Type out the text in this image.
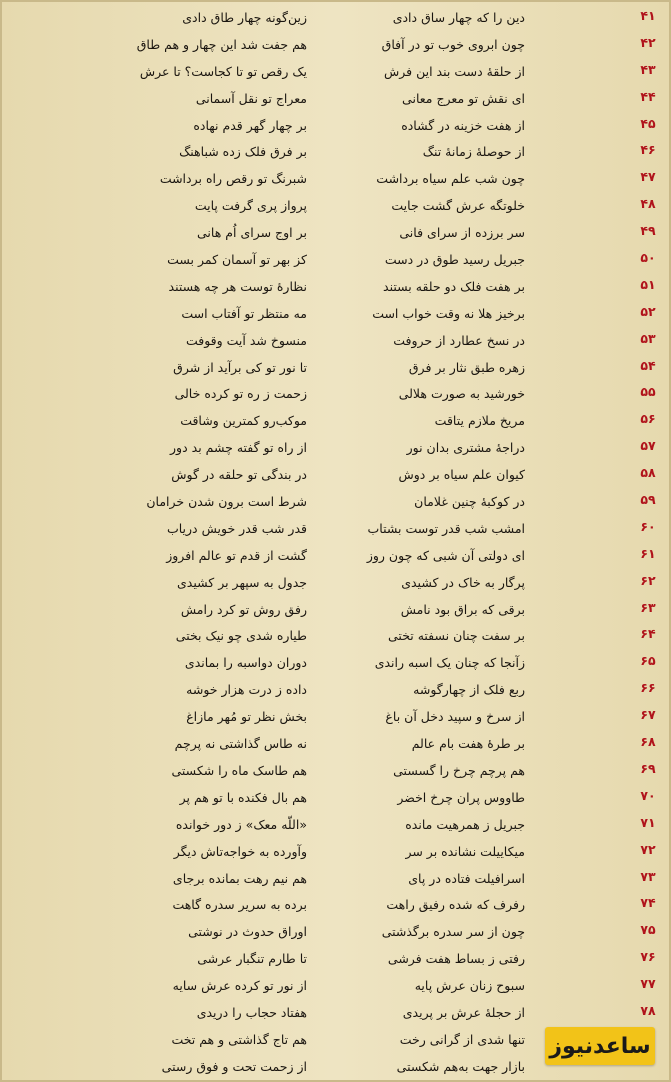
۴۱
دین را که چهار ساق دادی
زین‌گونه چهار طاق دادی
۴۲
چون ابروی خوب تو در آفاق
هم جفت شد این چهار و هم طاق
۴۳
از حلقهٔ دست بند این فرش
یک رقص تو تا کجاست؟ تا عرش
۴۴
ای نقش تو معرج معانی
معراج تو نقل آسمانی
۴۵
از هفت خزینه در گشاده
بر چهار گهر قدم نهاده
۴۶
از حوصلهٔ زمانهٔ تنگ
بر فرق فلک زده شباهنگ
۴۷
چون شب علم سیاه برداشت
شبرنگ تو رقص راه برداشت
۴۸
خلوتگه عرش گشت جایت
پرواز پری گرفت پایت
۴۹
سر برزده از سرای فانی
بر اوج سرای اُم هانی
۵۰
جبریل رسید طوق در دست
کز بهر تو آسمان کمر بست
۵۱
بر هفت فلک دو حلقه بستند
نظارهٔ توست هر چه هستند
۵۲
برخیز هلا نه وقت خواب است
مه منتظر تو آفتاب است
۵۳
در نسخ عطارد از حروفت
منسوخ شد آیت وقوفت
۵۴
زهره طبق نثار بر فرق
تا نور تو کی برآید از شرق
۵۵
خورشید به صورت هلالی
زحمت ز ره تو کرده خالی
۵۶
مریخ ملازم یتاقت
موکب‌رو کمترین وشاقت
۵۷
دراجهٔ مشتری بدان نور
از راه تو گفته چشم بد دور
۵۸
کیوان علم سیاه بر دوش
در بندگی تو حلقه در گوش
۵۹
در کوکبهٔ چنین غلامان
شرط است برون شدن خرامان
۶۰
امشب شب قدر توست بشتاب
قدر شب قدر خویش دریاب
۶۱
ای دولتی آن شبی که چون روز
گشت از قدم تو عالم افروز
۶۲
پرگار به خاک در کشیدی
جدول به سپهر بر کشیدی
۶۳
برقی که براق بود نامش
رفق روش تو کرد رامش
۶۴
بر سفت چنان نسفته تختی
طیاره شدی چو نیک بختی
۶۵
زآنجا که چنان یک اسبه راندی
دوران دواسبه را بماندی
۶۶
ربع فلک از چهارگوشه
داده ز درت هزار خوشه
۶۷
از سرخ و سپید دخل آن باغ
بخش نظر تو مُهر مازاغ
۶۸
بر طرهٔ هفت بام عالم
نه طاس گذاشتی نه پرچم
۶۹
هم پرچم چرخ را گسستی
هم طاسک ماه را شکستی
۷۰
طاووس پران چرخ اخضر
هم بال فکنده با تو هم پر
۷۱
جبریل ز همرهیت مانده
«اللّه معک» ز دور خوانده
۷۲
میکاییلت نشانده بر سر
وآورده به خواجه‌تاش دیگر
۷۳
اسرافیلت فتاده در پای
هم نیم رهت بمانده برجای
۷۴
رفرف که شده رفیق راهت
برده به سریر سدره گاهت
۷۵
چون از سر سدره برگذشتی
اوراق حدوث در نوشتی
۷۶
رفتی ز بساط هفت فرشی
تا طارم تنگبار عرشی
۷۷
سبوح زنان عرش پایه
از نور تو کرده عرش سایه
۷۸
از حجلهٔ عرش بر پریدی
هفتاد حجاب را دریدی
تنها شدی از گرانی رخت
هم تاج گذاشتی و هم تخت
بازار جهت به‌هم شکستی
از زحمت تحت و فوق رستی
ساعدنیوز
